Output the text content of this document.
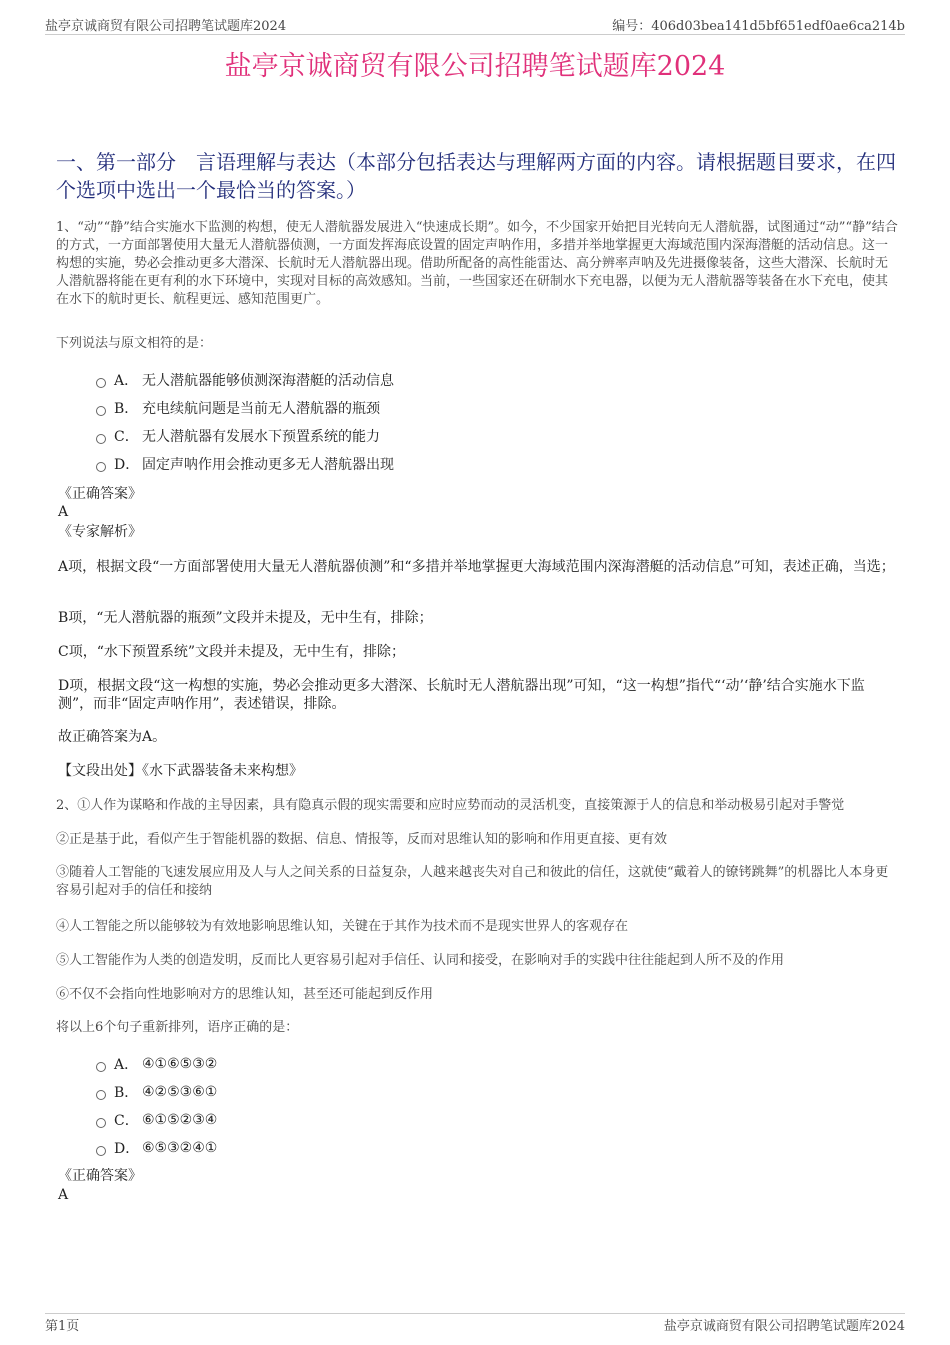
盐亭京诚商贸有限公司招聘笔试题库2024	编号：406d03bea141d5bf651edf0ae6ca214b
盐亭京诚商贸有限公司招聘笔试题库2024
一、第一部分　言语理解与表达（本部分包括表达与理解两方面的内容。请根据题目要求，在四个选项中选出一个最恰当的答案。）
1、“动”“静”结合实施水下监测的构想，使无人潜航器发展进入“快速成长期”。如今，不少国家开始把目光转向无人潜航器，试图通过“动”“静”结合的方式，一方面部署使用大量无人潜航器侦测，一方面发挥海底设置的固定声呐作用，多措并举地掌握更大海域范围内深海潜艇的活动信息。这一构想的实施，势必会推动更多大潜深、长航时无人潜航器出现。借助所配备的高性能雷达、高分辨率声呐及先进摄像装备，这些大潜深、长航时无人潜航器将能在更有利的水下环境中，实现对目标的高效感知。当前，一些国家还在研制水下充电器，以便为无人潜航器等装备在水下充电，使其在水下的航时更长、航程更远、感知范围更广。
下列说法与原文相符的是：
A． 无人潜航器能够侦测深海潜艇的活动信息
B． 充电续航问题是当前无人潜航器的瓶颈
C． 无人潜航器有发展水下预置系统的能力
D． 固定声呐作用会推动更多无人潜航器出现
《正确答案》
A
《专家解析》
A项，根据文段“一方面部署使用大量无人潜航器侦测”和“多措并举地掌握更大海域范围内深海潜艇的活动信息”可知，表述正确，当选；
B项，“无人潜航器的瓶颈”文段并未提及，无中生有，排除；
C项，“水下预置系统”文段并未提及，无中生有，排除；
D项，根据文段“这一构想的实施，势必会推动更多大潜深、长航时无人潜航器出现”可知，“这一构想”指代“‘动’‘静’结合实施水下监测”，而非“固定声呐作用”，表述错误，排除。
故正确答案为A。
【文段出处】《水下武器装备未来构想》
2、①人作为谋略和作战的主导因素，具有隐真示假的现实需要和应时应势而动的灵活机变，直接策源于人的信息和举动极易引起对手警觉
②正是基于此，看似产生于智能机器的数据、信息、情报等，反而对思维认知的影响和作用更直接、更有效
③随着人工智能的飞速发展应用及人与人之间关系的日益复杂，人越来越丧失对自己和彼此的信任，这就使“戴着人的镣铐跳舞”的机器比人本身更容易引起对手的信任和接纳
④人工智能之所以能够较为有效地影响思维认知，关键在于其作为技术而不是现实世界人的客观存在
⑤人工智能作为人类的创造发明，反而比人更容易引起对手信任、认同和接受，在影响对手的实践中往往能起到人所不及的作用
⑥不仅不会指向性地影响对方的思维认知，甚至还可能起到反作用
将以上6个句子重新排列，语序正确的是：
A． ④①⑥⑤③②
B． ④②⑤③⑥①
C． ⑥①⑤②③④
D． ⑥⑤③②④①
《正确答案》
A
第1页	盐亭京诚商贸有限公司招聘笔试题库2024
